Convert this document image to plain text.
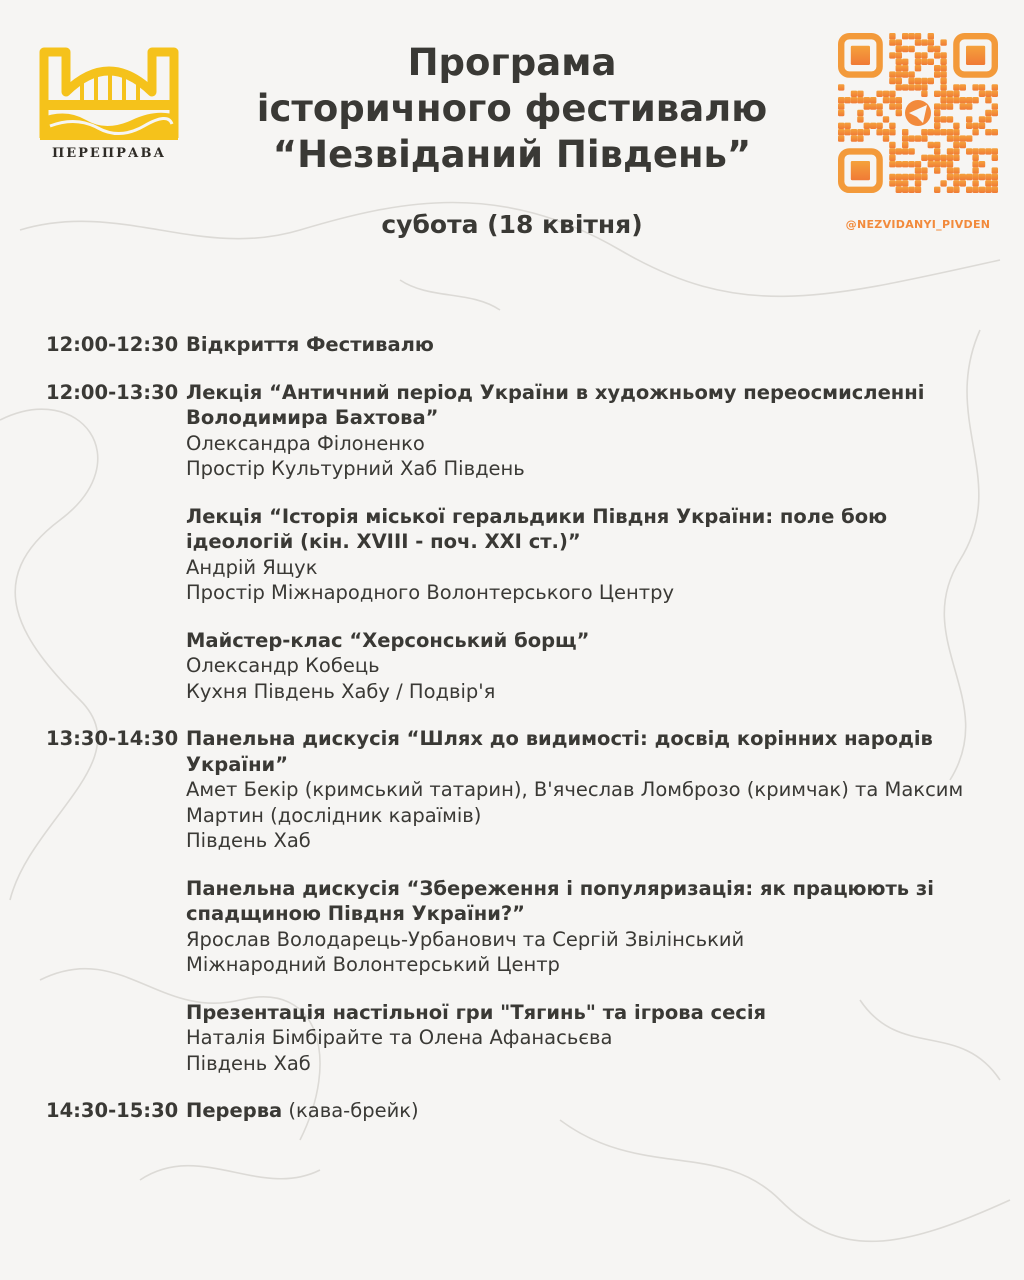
ПЕРЕПРАВА
Програма
історичного фестивалю
“Незвіданий Південь”
субота (18 квітня)	@NEZVIDANYI_PIVDEN
12:00-12:30 Відкриття Фестивалю
12:00-13:30 Лекція “Античний період України в художньому переосмисленні Володимира Бахтова”
Олександра Філоненко
Простір Культурний Хаб Південь
Лекція “Історія міської геральдики Півдня України: поле бою ідеологій (кін. XVIII - поч. XXI ст.)”
Андрій Ящук
Простір Міжнародного Волонтерського Центру
Майстер-клас “Херсонський борщ”
Олександр Кобець
Кухня Південь Хабу / Подвір'я
13:30-14:30 Панельна дискусія “Шлях до видимості: досвід корінних народів України”
Амет Бекір (кримський татарин), В'ячеслав Ломброзо (кримчак) та Максим Мартин (дослідник караїмів)
Південь Хаб
Панельна дискусія “Збереження і популяризація: як працюють зі спадщиною Півдня України?”
Ярослав Володарець-Урбанович та Сергій Звілінський
Міжнародний Волонтерський Центр
Презентація настільної гри "Тягинь" та ігрова сесія
Наталія Бімбірайте та Олена Афанасьєва
Південь Хаб
14:30-15:30 Перерва (кава-брейк)
